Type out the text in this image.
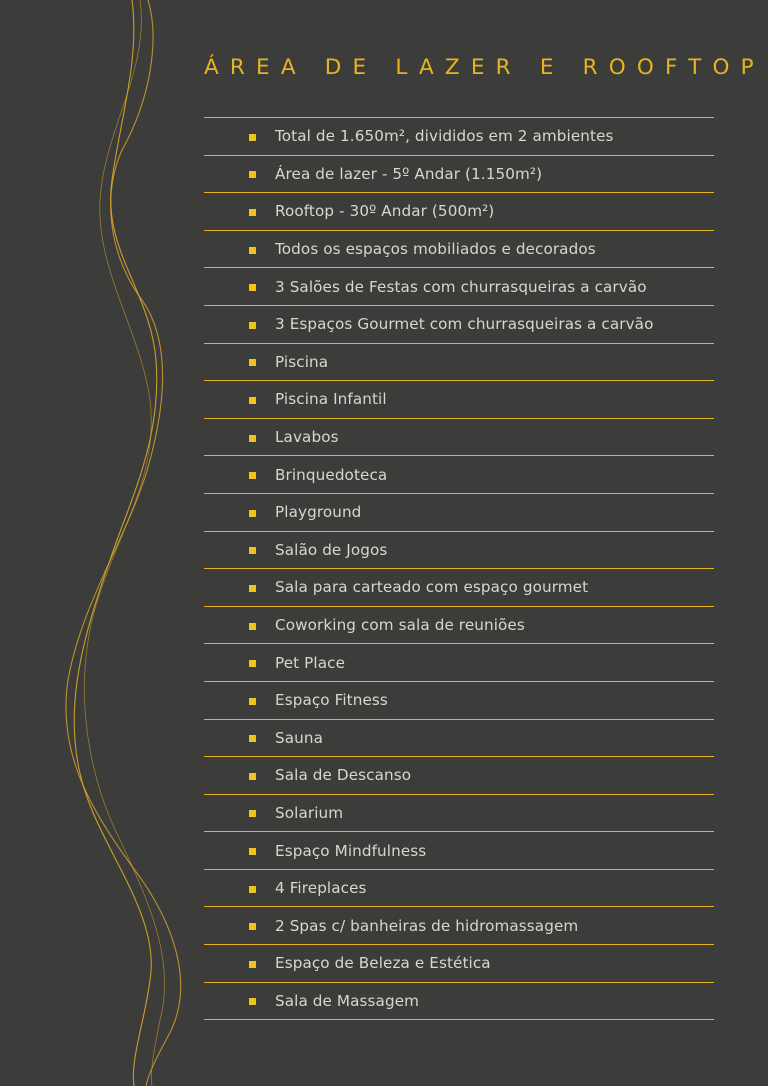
ÁREA DE LAZER E ROOFTOP
Total de 1.650m², divididos em 2 ambientes
Área de lazer - 5º Andar (1.150m²)
Rooftop - 30º Andar (500m²)
Todos os espaços mobiliados e decorados
3 Salões de Festas com churrasqueiras a carvão
3 Espaços Gourmet com churrasqueiras a carvão
Piscina
Piscina Infantil
Lavabos
Brinquedoteca
Playground
Salão de Jogos
Sala para carteado com espaço gourmet
Coworking com sala de reuniões
Pet Place
Espaço Fitness
Sauna
Sala de Descanso
Solarium
Espaço Mindfulness
4 Fireplaces
2 Spas c/ banheiras de hidromassagem
Espaço de Beleza e Estética
Sala de Massagem
